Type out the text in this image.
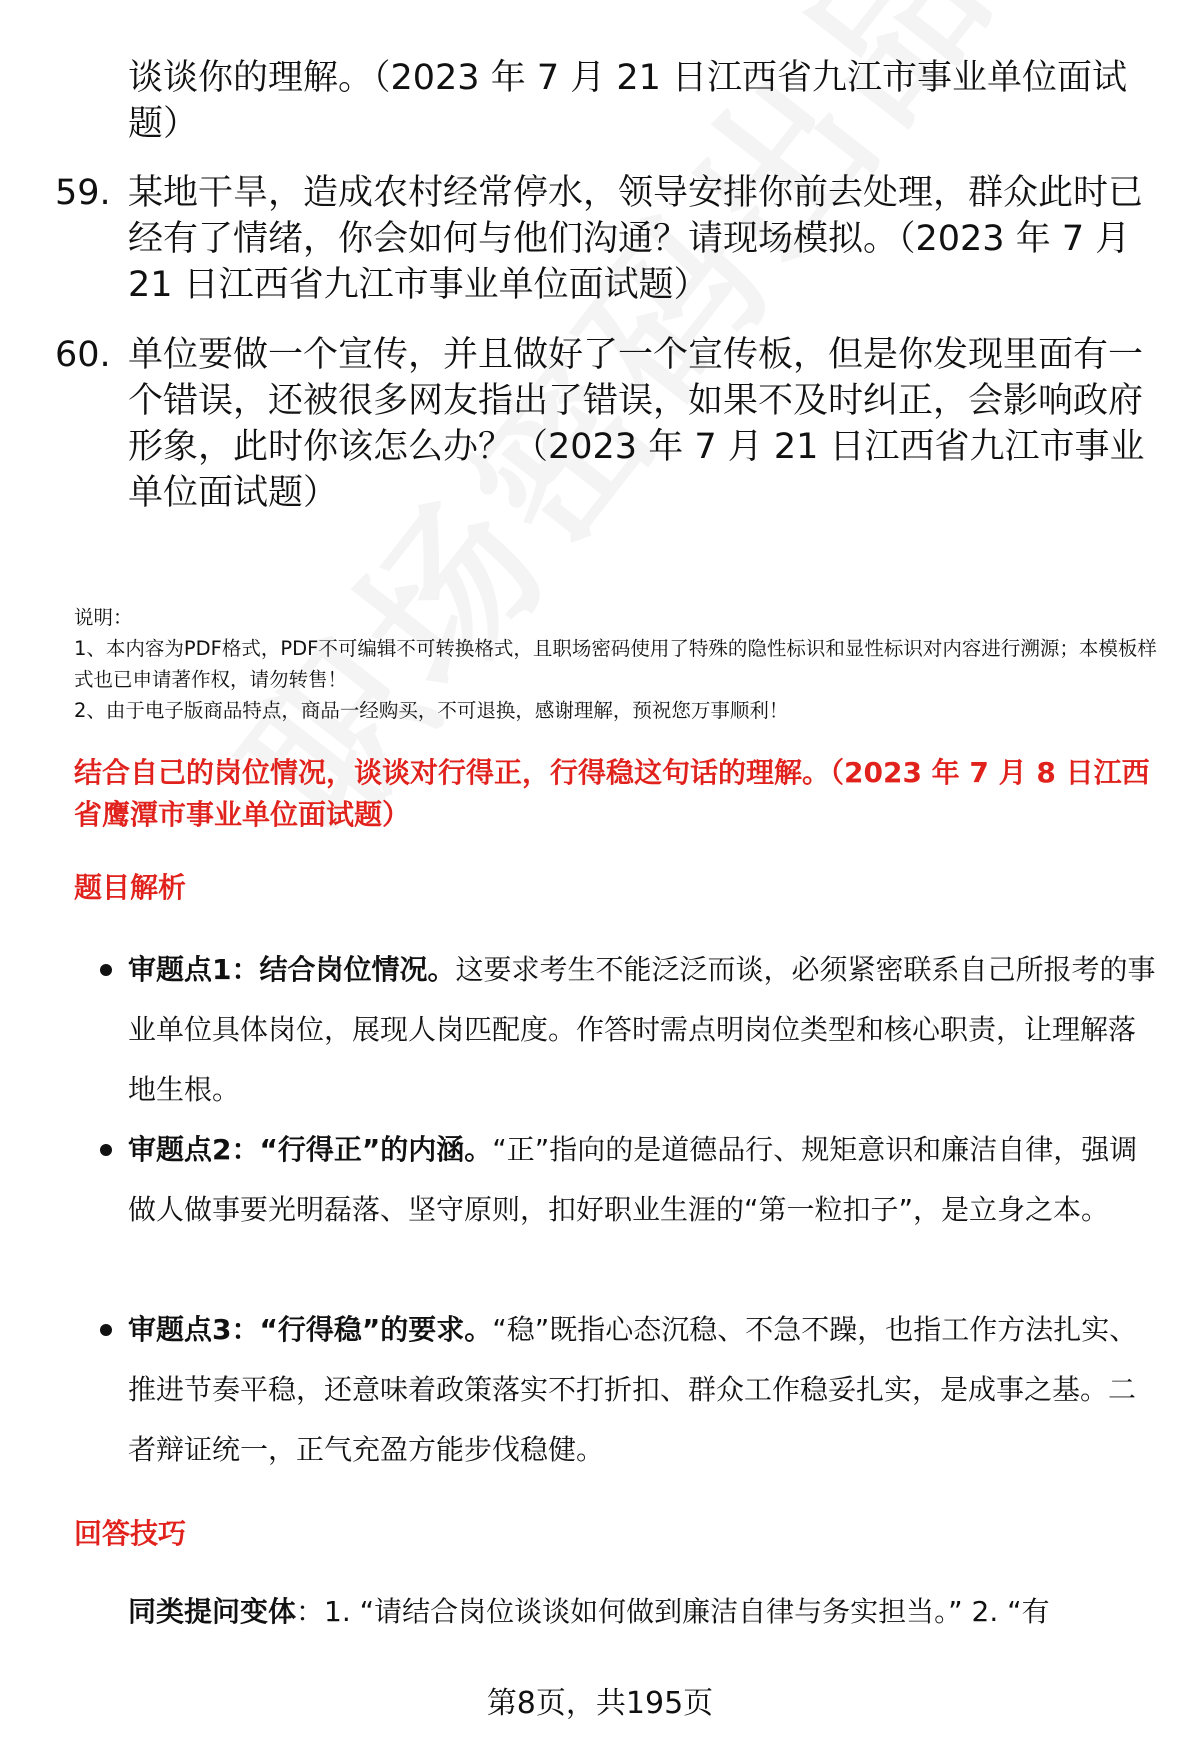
谈谈你的理解。（2023 年 7 月 21 日江西省九江市事业单位面试题）

59. 某地干旱，造成农村经常停水，领导安排你前去处理，群众此时已经有了情绪，你会如何与他们沟通？请现场模拟。（2023 年 7 月 21 日江西省九江市事业单位面试题）

60. 单位要做一个宣传，并且做好了一个宣传板，但是你发现里面有一个错误，还被很多网友指出了错误，如果不及时纠正，会影响政府形象，此时你该怎么办？（2023 年 7 月 21 日江西省九江市事业单位面试题）

说明：

1、本内容为PDF格式，PDF不可编辑不可转换格式，且职场密码使用了特殊的隐性标识和显性标识对内容进行溯源；本模板样式也已申请著作权，请勿转售！

2、由于电子版商品特点，商品一经购买，不可退换，感谢理解，预祝您万事顺利！

结合自己的岗位情况，谈谈对行得正，行得稳这句话的理解。（2023 年 7 月 8 日江西省鹰潭市事业单位面试题）
题目解析
审题点1：结合岗位情况。这要求考生不能泛泛而谈，必须紧密联系自己所报考的事业单位具体岗位，展现人岗匹配度。作答时需点明岗位类型和核心职责，让理解落地生根。
审题点2：“行得正”的内涵。“正”指向的是道德品行、规矩意识和廉洁自律，强调做人做事要光明磊落、坚守原则，扣好职业生涯的“第一粒扣子”，是立身之本。
审题点3：“行得稳”的要求。“稳”既指心态沉稳、不急不躁，也指工作方法扎实、推进节奏平稳，还意味着政策落实不打折扣、群众工作稳妥扎实，是成事之基。二者辩证统一，正气充盈方能步伐稳健。
回答技巧
同类提问变体：1. “请结合岗位谈谈如何做到廉洁自律与务实担当。” 2. “有
第8页，共195页
